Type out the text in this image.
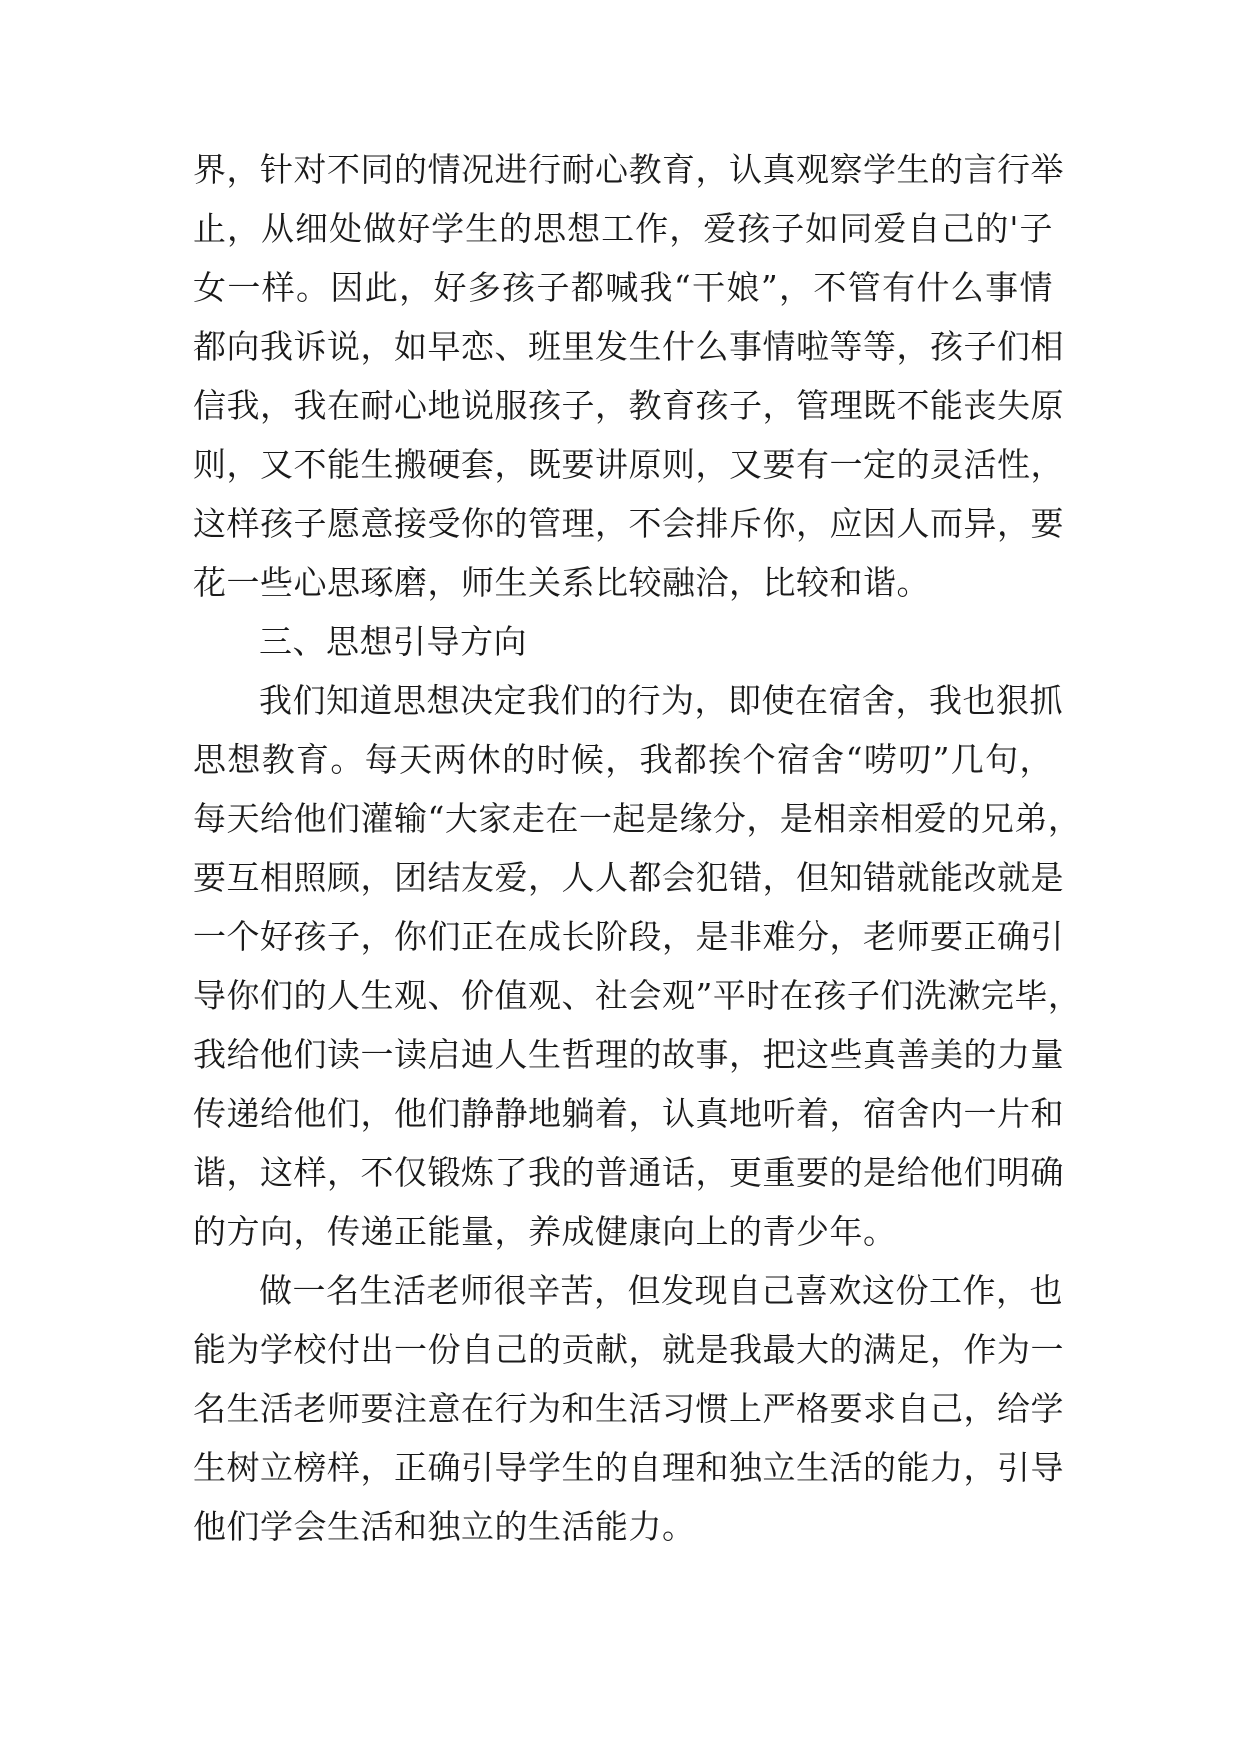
界，针对不同的情况进行耐心教育，认真观察学生的言行举
止，从细处做好学生的思想工作，爱孩子如同爱自己的'子
女一样。因此，好多孩子都喊我“干娘”，不管有什么事情
都向我诉说，如早恋、班里发生什么事情啦等等，孩子们相
信我，我在耐心地说服孩子，教育孩子，管理既不能丧失原
则，又不能生搬硬套，既要讲原则，又要有一定的灵活性，
这样孩子愿意接受你的管理，不会排斥你，应因人而异，要
花一些心思琢磨，师生关系比较融洽，比较和谐。
三、思想引导方向
我们知道思想决定我们的行为，即使在宿舍，我也狠抓
思想教育。每天两休的时候，我都挨个宿舍“唠叨”几句，
每天给他们灌输“大家走在一起是缘分，是相亲相爱的兄弟，
要互相照顾，团结友爱，人人都会犯错，但知错就能改就是
一个好孩子，你们正在成长阶段，是非难分，老师要正确引
导你们的人生观、价值观、社会观”平时在孩子们洗漱完毕，
我给他们读一读启迪人生哲理的故事，把这些真善美的力量
传递给他们，他们静静地躺着，认真地听着，宿舍内一片和
谐，这样，不仅锻炼了我的普通话，更重要的是给他们明确
的方向，传递正能量，养成健康向上的青少年。
做一名生活老师很辛苦，但发现自己喜欢这份工作，也
能为学校付出一份自己的贡献，就是我最大的满足，作为一
名生活老师要注意在行为和生活习惯上严格要求自己，给学
生树立榜样，正确引导学生的自理和独立生活的能力，引导
他们学会生活和独立的生活能力。
